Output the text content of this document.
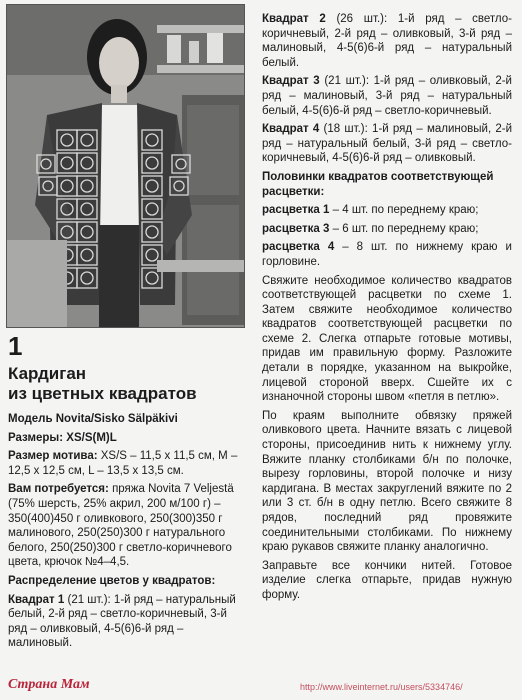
1

Кардиган
из цветных квадратов

Модель Novita/Sisko Sälpäkivi

Размеры: XS/S(M)L

Размер мотива: XS/S – 11,5 x 11,5 см, M – 12,5 x 12,5 см, L – 13,5 x 13,5 см.

Вам потребуется: пряжа Novita 7 Veljestä (75% шерсть, 25% акрил, 200 м/100 г) – 350(400)450 г оливкового, 250(300)350 г малинового, 250(250)300 г натурального белого, 250(250)300 г светло-коричневого цвета, крючок №4–4,5.

Распределение цветов у квадратов:

Квадрат 1 (21 шт.): 1-й ряд – натуральный белый, 2-й ряд – светло-коричневый, 3-й ряд – оливковый, 4-5(6)6-й ряд – малиновый.

Квадрат 2 (26 шт.): 1-й ряд – светло-коричневый, 2-й ряд – оливковый, 3-й ряд – малиновый, 4-5(6)6-й ряд – натуральный белый.

Квадрат 3 (21 шт.): 1-й ряд – оливковый, 2-й ряд – малиновый, 3-й ряд – натуральный белый, 4-5(6)6-й ряд – светло-коричневый.

Квадрат 4 (18 шт.): 1-й ряд – малиновый, 2-й ряд – натуральный белый, 3-й ряд – светло-коричневый, 4-5(6)6-й ряд – оливковый.

Половинки квадратов соответствующей расцветки:

расцветка 1 – 4 шт. по переднему краю;

расцветка 3 – 6 шт. по переднему краю;

расцветка 4 – 8 шт. по нижнему краю и горловине.

Свяжите необходимое количество квадратов соответствующей расцветки по схеме 1. Затем свяжите необходимое количество квадратов соответствующей расцветки по схеме 2. Слегка отпарьте готовые мотивы, придав им правильную форму. Разложите детали в порядке, указанном на выкройке, лицевой стороной вверх. Сшейте их с изнаночной стороны швом «петля в петлю».

По краям выполните обвязку пряжей оливкового цвета. Начните вязать с лицевой стороны, присоединив нить к нижнему углу. Вяжите планку столбиками б/н по полочке, вырезу горловины, второй полочке и низу кардигана. В местах закруглений вяжите по 2 или 3 ст. б/н в одну петлю. Всего свяжите 8 рядов, последний ряд провяжите соединительными столбиками. По нижнему краю рукавов свяжите планку аналогично.

Заправьте все кончики нитей. Готовое изделие слегка отпарьте, придав нужную форму.

Страна Мам	http://www.liveinternet.ru/users/5334746/
